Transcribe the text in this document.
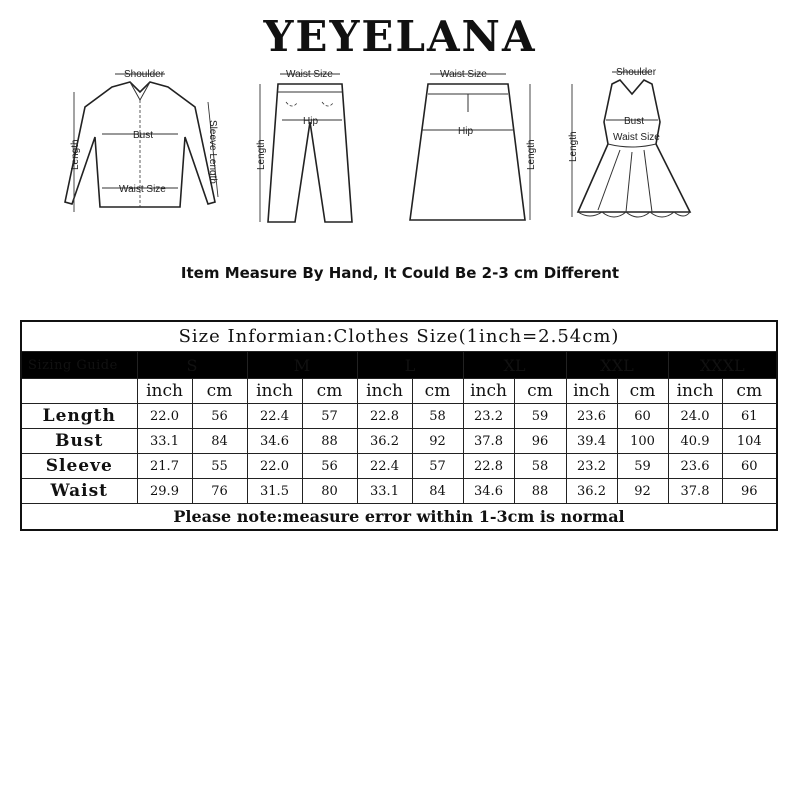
YEYELANA
Shoulder
Bust
Waist Size
Length	Sleeve Length
Waist Size
Hip
Length
Waist Size
Hip
Length
Shoulder
Bust
Waist Size
Length
Item Measure By Hand, It Could Be 2-3 cm Different
Size Informian:Clothes Size(1inch=2.54cm)												
Sizing Guide	S		M		L		XL		XXL		XXXL	
	inch	cm	inch	cm	inch	cm	inch	cm	inch	cm	inch	cm
Length	22.0	56	22.4	57	22.8	58	23.2	59	23.6	60	24.0	61
Bust	33.1	84	34.6	88	36.2	92	37.8	96	39.4	100	40.9	104
Sleeve	21.7	55	22.0	56	22.4	57	22.8	58	23.2	59	23.6	60
Waist	29.9	76	31.5	80	33.1	84	34.6	88	36.2	92	37.8	96
Please note:measure error within 1-3cm is normal												
